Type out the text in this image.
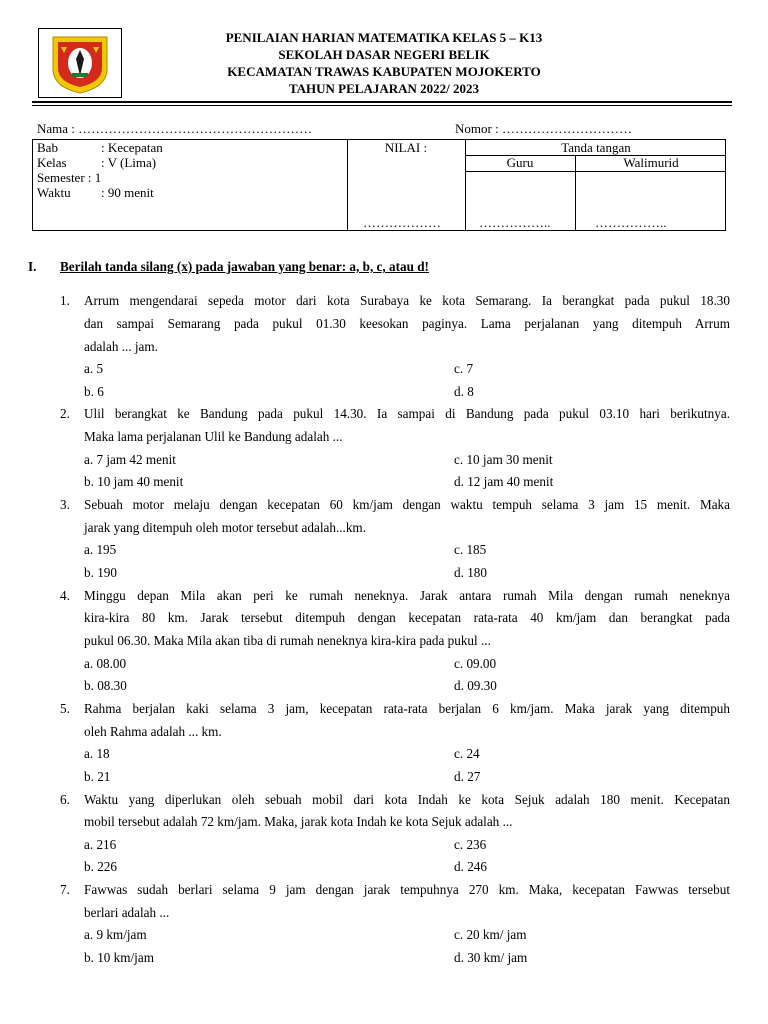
PENILAIAN HARIAN MATEMATIKA KELAS 5 – K13
SEKOLAH DASAR NEGERI BELIK
KECAMATAN TRAWAS KABUPATEN MOJOKERTO
TAHUN PELAJARAN 2022/ 2023
Nama : ………………………………………………	Nomor : …………………………
Bab	: Kecepatan
Kelas	: V (Lima)
Semester : 1
Waktu : 90 menit
NILAI :	Tanda tangan
Guru	Walimurid
………………	……………..	……………..
I. Berilah tanda silang (x) pada jawaban yang benar: a, b, c, atau d!
1. Arrum mengendarai sepeda motor dari kota Surabaya ke kota Semarang. Ia berangkat pada pukul 18.30
dan sampai Semarang pada pukul 01.30 keesokan paginya. Lama perjalanan yang ditempuh Arrum
adalah ... jam.
a. 5	c. 7
b. 6	d. 8
2. Ulil berangkat ke Bandung pada pukul 14.30. Ia sampai di Bandung pada pukul 03.10 hari berikutnya.
Maka lama perjalanan Ulil ke Bandung adalah ...
a. 7 jam 42 menit	c. 10 jam 30 menit
b. 10 jam 40 menit	d. 12 jam 40 menit
3. Sebuah motor melaju dengan kecepatan 60 km/jam dengan waktu tempuh selama 3 jam 15 menit. Maka
jarak yang ditempuh oleh motor tersebut adalah...km.
a. 195	c. 185
b. 190	d. 180
4. Minggu depan Mila akan peri ke rumah neneknya. Jarak antara rumah Mila dengan rumah neneknya
kira-kira 80 km. Jarak tersebut ditempuh dengan kecepatan rata-rata 40 km/jam dan berangkat pada
pukul 06.30. Maka Mila akan tiba di rumah neneknya kira-kira pada pukul ...
a. 08.00	c. 09.00
b. 08.30	d. 09.30
5. Rahma berjalan kaki selama 3 jam, kecepatan rata-rata berjalan 6 km/jam. Maka jarak yang ditempuh
oleh Rahma adalah ... km.
a. 18	c. 24
b. 21	d. 27
6. Waktu yang diperlukan oleh sebuah mobil dari kota Indah ke kota Sejuk adalah 180 menit. Kecepatan
mobil tersebut adalah 72 km/jam. Maka, jarak kota Indah ke kota Sejuk adalah ...
a. 216	c. 236
b. 226	d. 246
7. Fawwas sudah berlari selama 9 jam dengan jarak tempuhnya 270 km. Maka, kecepatan Fawwas tersebut
berlari adalah ...
a. 9 km/jam	c. 20 km/ jam
b. 10 km/jam	d. 30 km/ jam
